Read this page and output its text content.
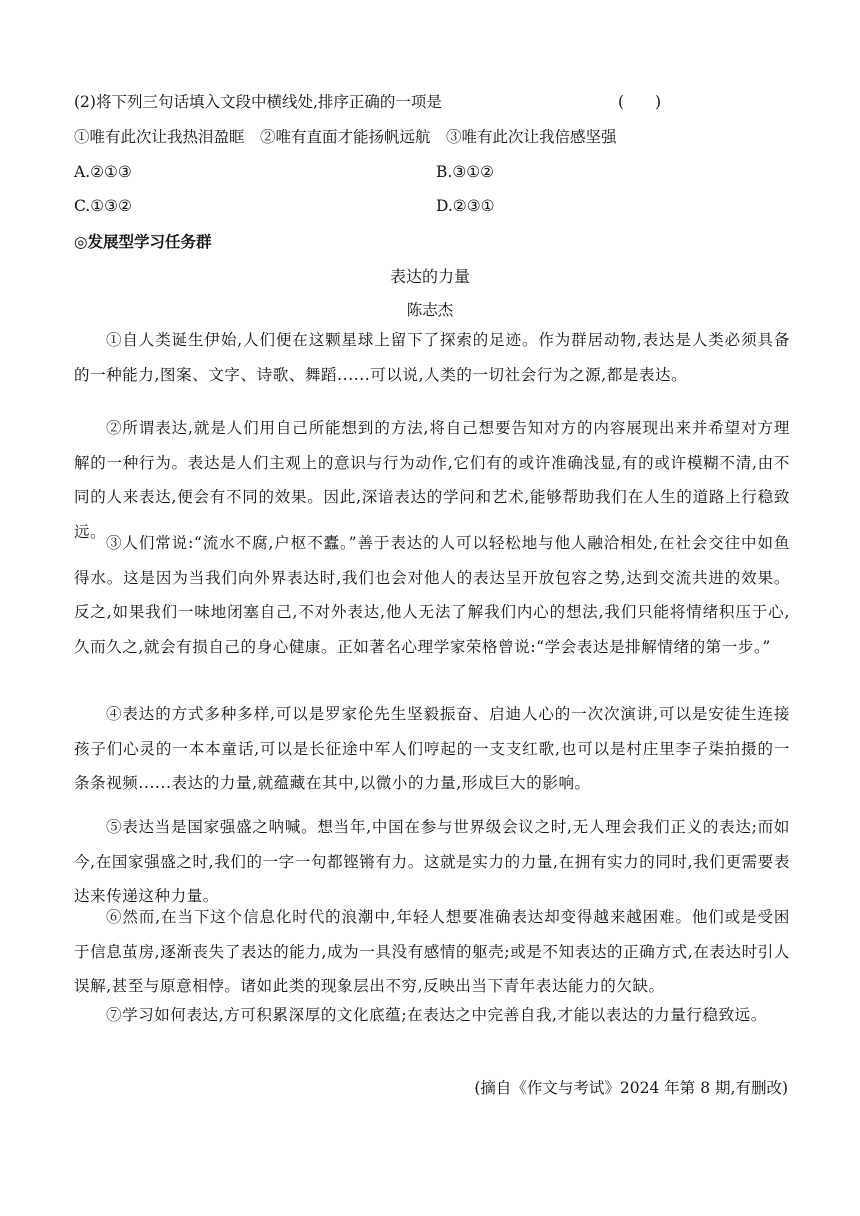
(2)将下列三句话填入文段中横线处,排序正确的一项是	(　　)
①唯有此次让我热泪盈眶　②唯有直面才能扬帆远航　③唯有此次让我倍感坚强
A.②①③	B.③①②
C.①③②	D.②③①
◎发展型学习任务群
表达的力量
陈志杰
①自人类诞生伊始,人们便在这颗星球上留下了探索的足迹。作为群居动物,表达是人类必须具备的一种能力,图案、文字、诗歌、舞蹈......可以说,人类的一切社会行为之源,都是表达。
②所谓表达,就是人们用自己所能想到的方法,将自己想要告知对方的内容展现出来并希望对方理解的一种行为。表达是人们主观上的意识与行为动作,它们有的或许准确浅显,有的或许模糊不清,由不同的人来表达,便会有不同的效果。因此,深谙表达的学问和艺术,能够帮助我们在人生的道路上行稳致远。
③人们常说:“流水不腐,户枢不蠹。”善于表达的人可以轻松地与他人融洽相处,在社会交往中如鱼得水。这是因为当我们向外界表达时,我们也会对他人的表达呈开放包容之势,达到交流共进的效果。反之,如果我们一味地闭塞自己,不对外表达,他人无法了解我们内心的想法,我们只能将情绪积压于心,久而久之,就会有损自己的身心健康。正如著名心理学家荣格曾说:“学会表达是排解情绪的第一步。”
④表达的方式多种多样,可以是罗家伦先生坚毅振奋、启迪人心的一次次演讲,可以是安徒生连接孩子们心灵的一本本童话,可以是长征途中军人们哼起的一支支红歌,也可以是村庄里李子柒拍摄的一条条视频......表达的力量,就蕴藏在其中,以微小的力量,形成巨大的影响。
⑤表达当是国家强盛之呐喊。想当年,中国在参与世界级会议之时,无人理会我们正义的表达;而如今,在国家强盛之时,我们的一字一句都铿锵有力。这就是实力的力量,在拥有实力的同时,我们更需要表达来传递这种力量。
⑥然而,在当下这个信息化时代的浪潮中,年轻人想要准确表达却变得越来越困难。他们或是受困于信息茧房,逐渐丧失了表达的能力,成为一具没有感情的躯壳;或是不知表达的正确方式,在表达时引人误解,甚至与原意相悖。诸如此类的现象层出不穷,反映出当下青年表达能力的欠缺。
⑦学习如何表达,方可积累深厚的文化底蕴;在表达之中完善自我,才能以表达的力量行稳致远。
(摘自《作文与考试》2024 年第 8 期,有删改)
